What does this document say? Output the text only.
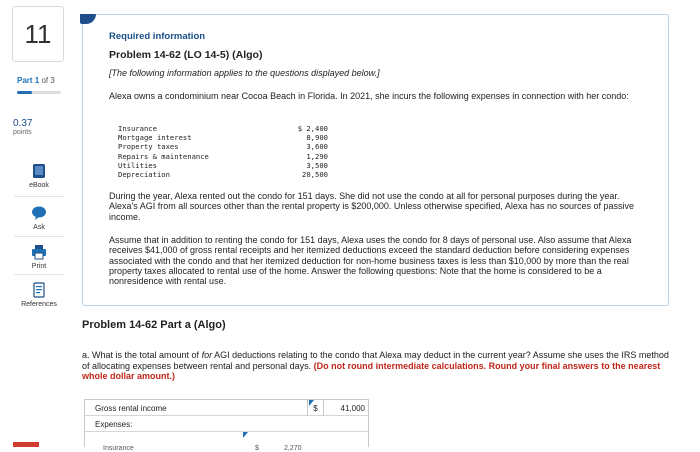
11
Part 1 of 3
0.37
points
eBook
Ask
Print
References
Required information
Problem 14-62 (LO 14-5) (Algo)
[The following information applies to the questions displayed below.]
Alexa owns a condominium near Cocoa Beach in Florida. In 2021, she incurs the following expenses in connection with her condo:
Insurance	$ 2,400
Mortgage interest	8,900
Property taxes	3,600
Repairs & maintenance	1,290
Utilities	3,500
Depreciation	20,500
During the year, Alexa rented out the condo for 151 days. She did not use the condo at all for personal purposes during the year. Alexa's AGI from all sources other than the rental property is $200,000. Unless otherwise specified, Alexa has no sources of passive income.
Assume that in addition to renting the condo for 151 days, Alexa uses the condo for 8 days of personal use. Also assume that Alexa receives $41,000 of gross rental receipts and her itemized deductions exceed the standard deduction before considering expenses associated with the condo and that her itemized deduction for non-home business taxes is less than $10,000 by more than the real property taxes allocated to rental use of the home. Answer the following questions: Note that the home is considered to be a nonresidence with rental use.
Problem 14-62 Part a (Algo)
a. What is the total amount of for AGI deductions relating to the condo that Alexa may deduct in the current year? Assume she uses the IRS method of allocating expenses between rental and personal days. (Do not round intermediate calculations. Round your final answers to the nearest whole dollar amount.)
Gross rental income	$	41,000
Expenses:
Insurance	$	2,270
